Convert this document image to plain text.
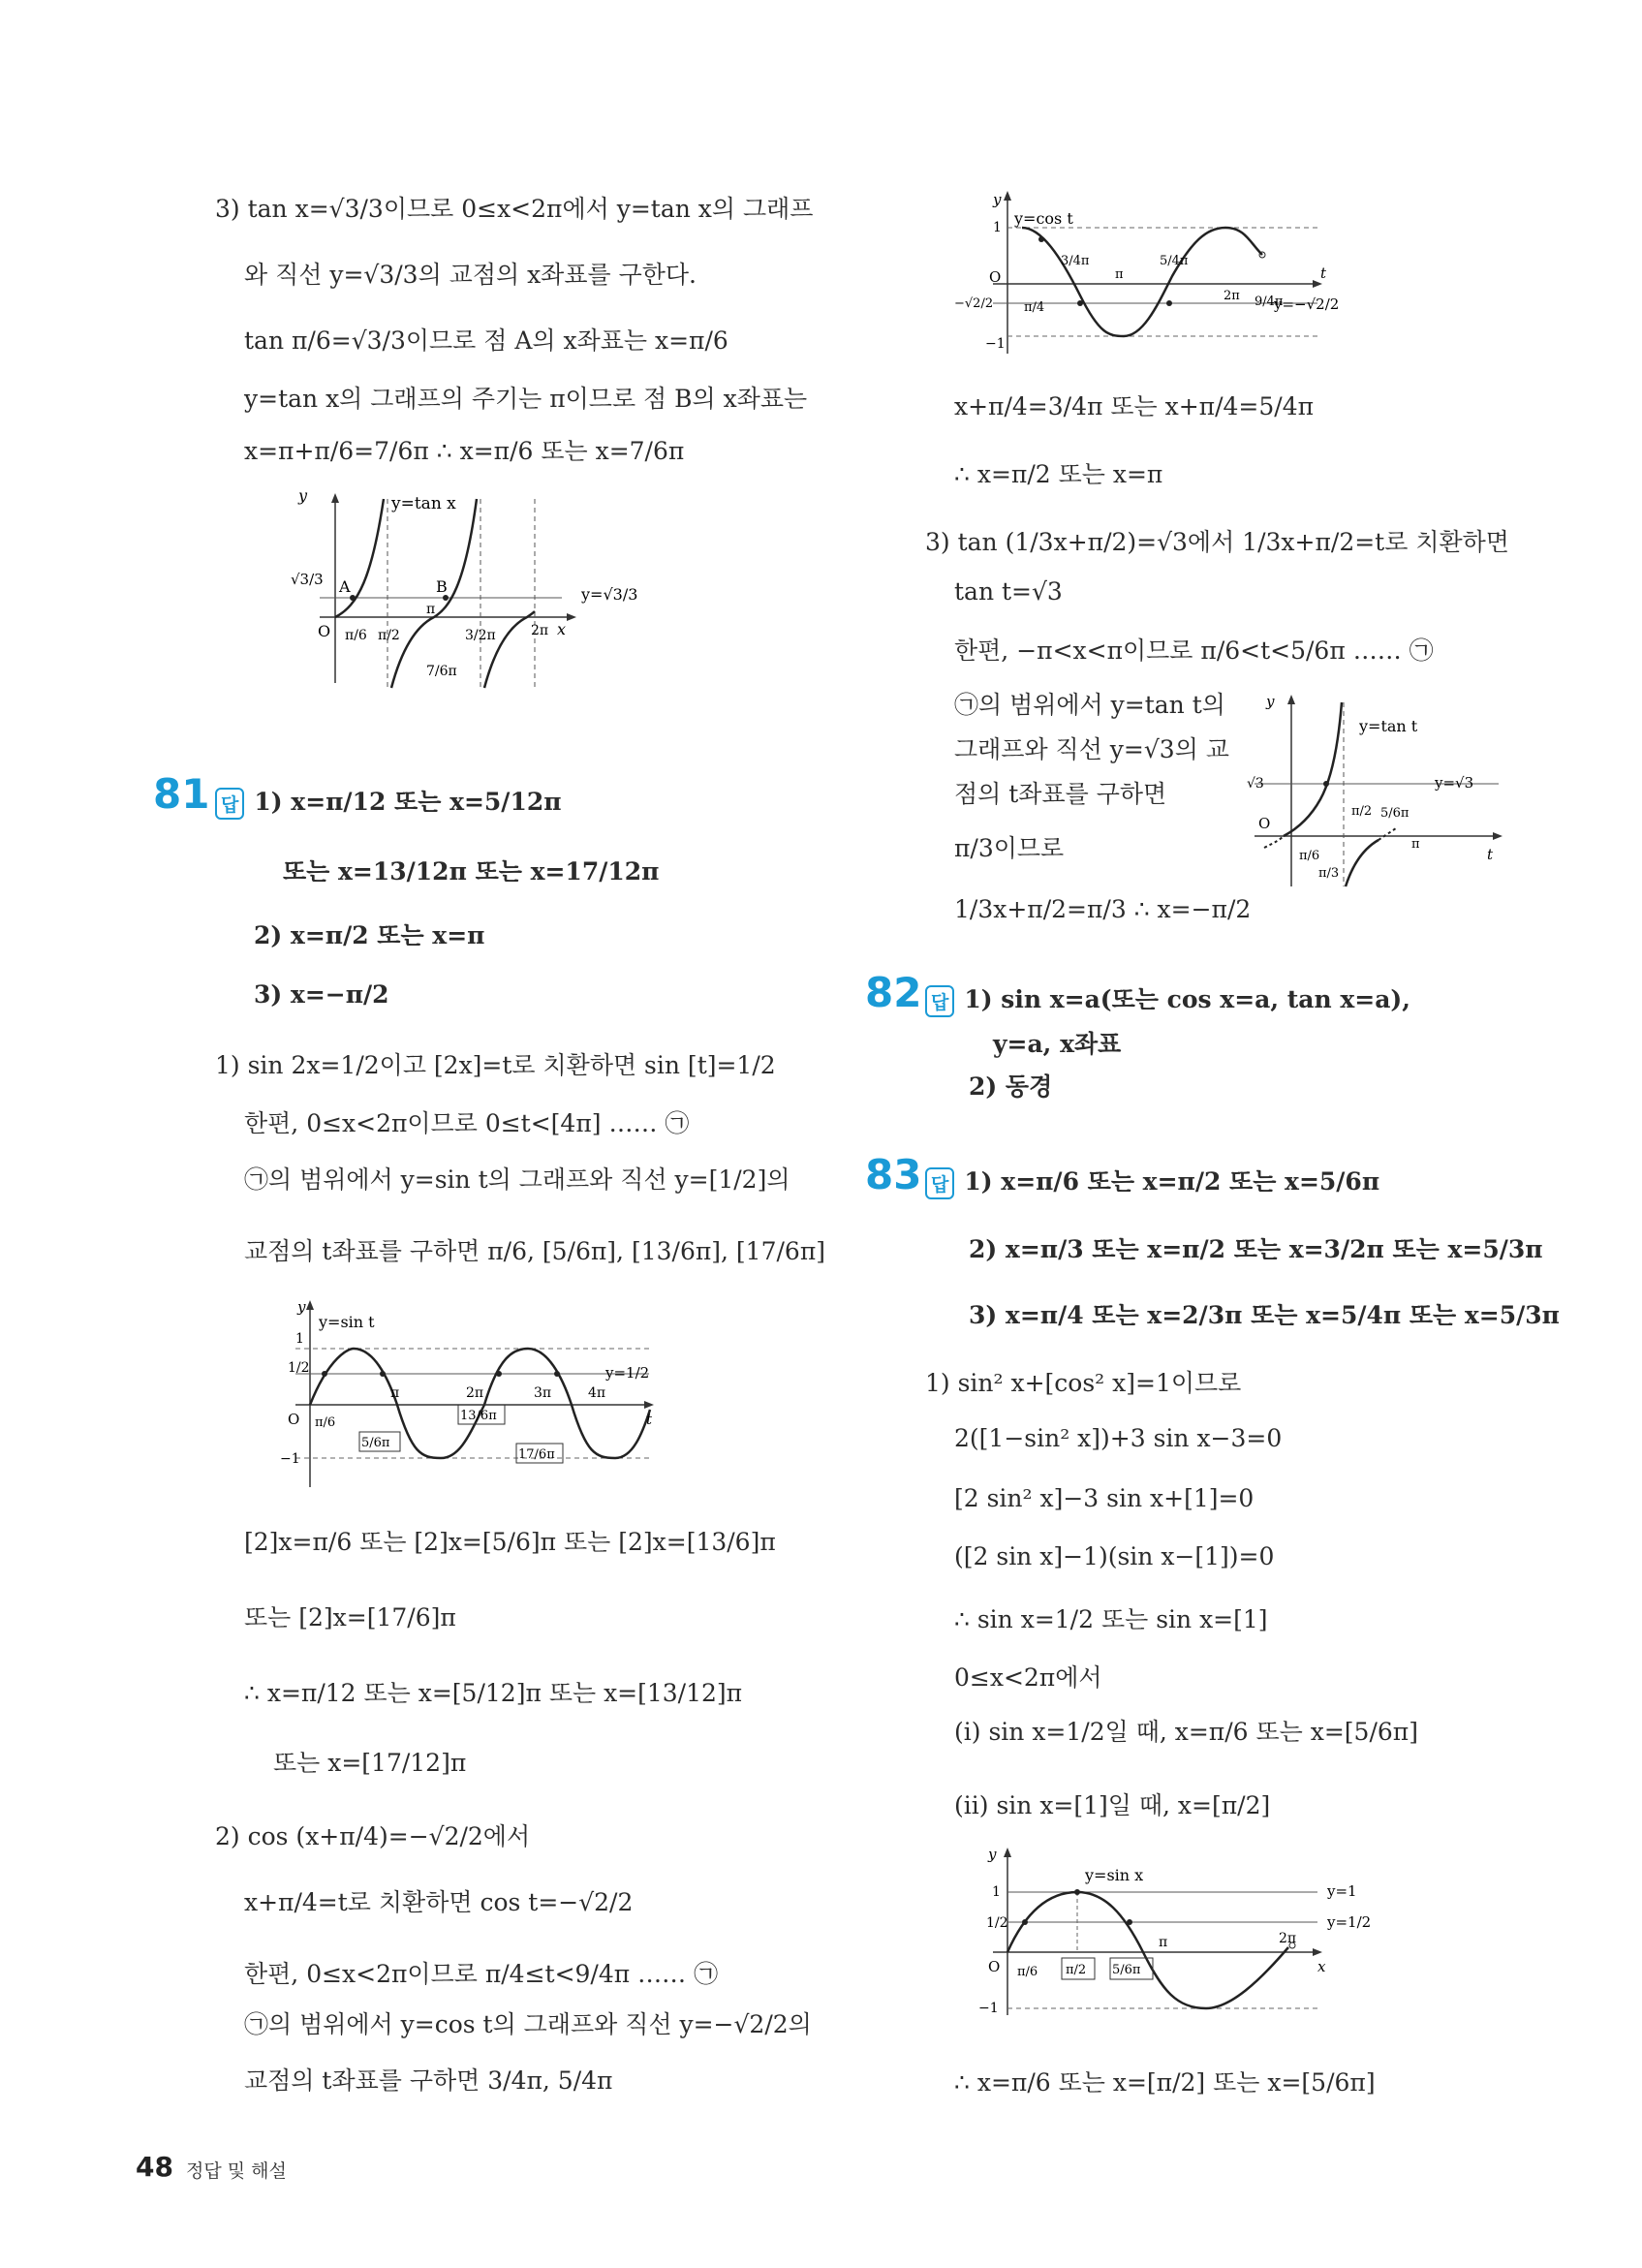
3) tan x=√3/3이므로 0≤x<2π에서 y=tan x의 그래프
와 직선 y=√3/3의 교점의 x좌표를 구한다.
tan π/6=√3/3이므로 점 A의 x좌표는 x=π/6
y=tan x의 그래프의 주기는 π이므로 점 B의 x좌표는
x=π+π/6=7/6π ∴ x=π/6 또는 x=7/6π
y	y=tan x
y=√3/3
A	B
O	x
√3/3
π/6 π/2
π
3/2π	2π
7/6π
81 답 1) x=π/12 또는 x=5/12π
또는 x=13/12π 또는 x=17/12π
2) x=π/2 또는 x=π
3) x=−π/2
1) sin 2x=1/2이고 [2x]=t로 치환하면 sin [t]=1/2
한편, 0≤x<2π이므로 0≤t<[4π] …… ㉠
㉠의 범위에서 y=sin t의 그래프와 직선 y=[1/2]의
교점의 t좌표를 구하면 π/6, [5/6π], [13/6π], [17/6π]
y
y=sin t
y=1/2
O	t
1
1/2
−1
π/6
π	2π	3π	4π
5/6π
13/6π
17/6π
[2]x=π/6 또는 [2]x=[5/6]π 또는 [2]x=[13/6]π
또는 [2]x=[17/6]π
∴ x=π/12 또는 x=[5/12]π 또는 x=[13/12]π
또는 x=[17/12]π
2) cos (x+π/4)=−√2/2에서
x+π/4=t로 치환하면 cos t=−√2/2
한편, 0≤x<2π이므로 π/4≤t<9/4π …… ㉠
㉠의 범위에서 y=cos t의 그래프와 직선 y=−√2/2의
교점의 t좌표를 구하면 3/4π, 5/4π
y
y=cos t
y=−√2/2
O	t
1
−√2/2
−1
π/4
3/4π
π
5/4π
2π 9/4π
x+π/4=3/4π 또는 x+π/4=5/4π
∴ x=π/2 또는 x=π
3) tan (1/3x+π/2)=√3에서 1/3x+π/2=t로 치환하면
tan t=√3
한편, −π<x<π이므로 π/6<t<5/6π …… ㉠
㉠의 범위에서 y=tan t의
그래프와 직선 y=√3의 교
점의 t좌표를 구하면
π/3이므로
1/3x+π/2=π/3 ∴ x=−π/2
y
y=tan t
y=√3
O
t
√3
π/6
π/3
π/2 5/6π
π
82 답 1) sin x=a(또는 cos x=a, tan x=a),
y=a, x좌표
2) 동경
83 답 1) x=π/6 또는 x=π/2 또는 x=5/6π
2) x=π/3 또는 x=π/2 또는 x=3/2π 또는 x=5/3π
3) x=π/4 또는 x=2/3π 또는 x=5/4π 또는 x=5/3π
1) sin² x+[cos² x]=1이므로
2([1−sin² x])+3 sin x−3=0
[2 sin² x]−3 sin x+[1]=0
([2 sin x]−1)(sin x−[1])=0
∴ sin x=1/2 또는 sin x=[1]
0≤x<2π에서
(i) sin x=1/2일 때, x=π/6 또는 x=[5/6π]
(ii) sin x=[1]일 때, x=[π/2]
y
y=sin x
y=1
y=1/2
O	x
1
1/2
−1
π/6 π/2 5/6π
π	2π
∴ x=π/6 또는 x=[π/2] 또는 x=[5/6π]
48 정답 및 해설
